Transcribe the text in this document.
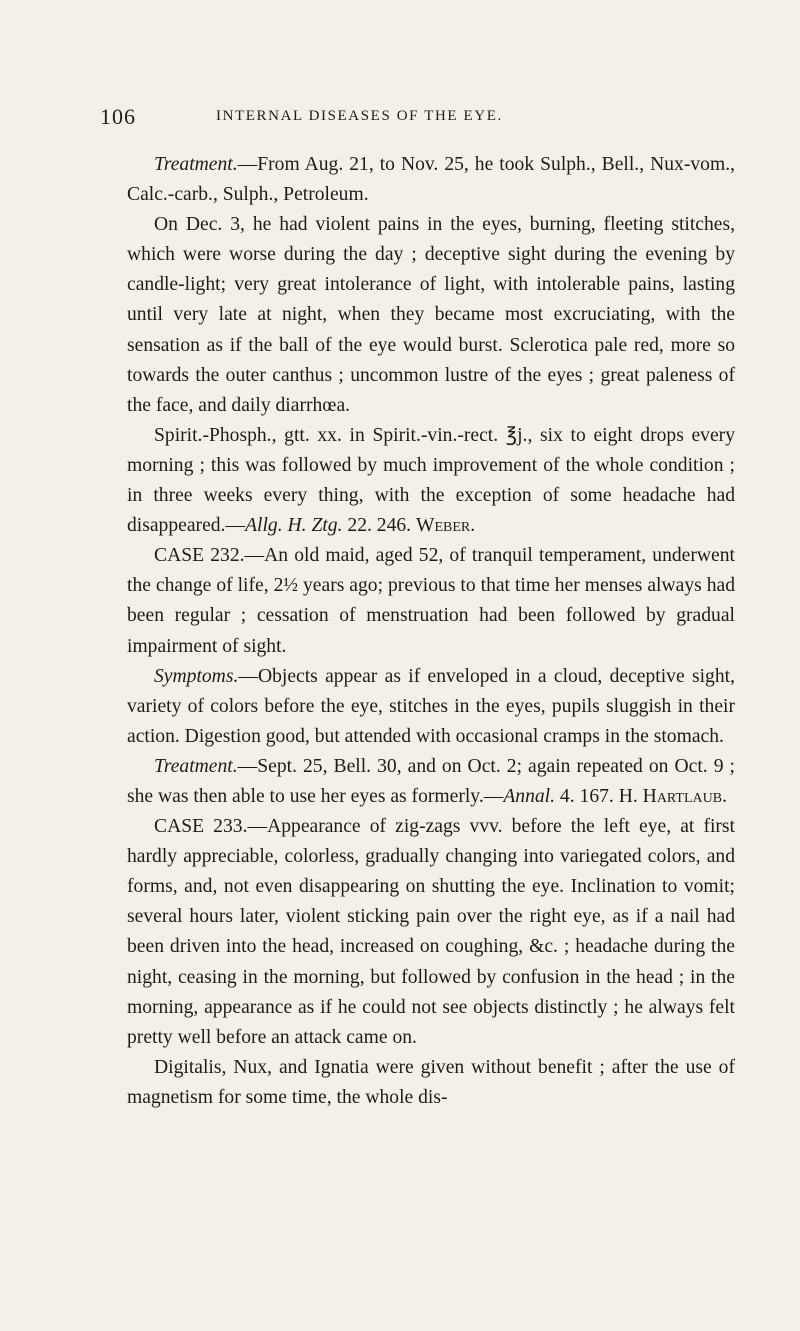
106	INTERNAL DISEASES OF THE EYE.

Treatment.—From Aug. 21, to Nov. 25, he took Sulph., Bell., Nux-vom., Calc.-carb., Sulph., Petroleum.

On Dec. 3, he had violent pains in the eyes, burning, fleeting stitches, which were worse during the day ; deceptive sight during the evening by candle-light; very great intolerance of light, with intolerable pains, lasting until very late at night, when they became most excruciating, with the sensation as if the ball of the eye would burst. Sclerotica pale red, more so towards the outer canthus ; uncommon lustre of the eyes ; great paleness of the face, and daily diarrhœa.

Spirit.-Phosph., gtt. xx. in Spirit.-vin.-rect. ℥j., six to eight drops every morning ; this was followed by much improvement of the whole condition ; in three weeks every thing, with the exception of some headache had disappeared.—Allg. H. Ztg. 22. 246. Weber.

CASE 232.—An old maid, aged 52, of tranquil temperament, underwent the change of life, 2½ years ago; previous to that time her menses always had been regular ; cessation of menstruation had been followed by gradual impairment of sight.

Symptoms.—Objects appear as if enveloped in a cloud, deceptive sight, variety of colors before the eye, stitches in the eyes, pupils sluggish in their action. Digestion good, but attended with occasional cramps in the stomach.

Treatment.—Sept. 25, Bell. 30, and on Oct. 2; again repeated on Oct. 9 ; she was then able to use her eyes as formerly.—Annal. 4. 167. H. Hartlaub.

CASE 233.—Appearance of zig-zags vvv. before the left eye, at first hardly appreciable, colorless, gradually changing into variegated colors, and forms, and, not even disappearing on shutting the eye. Inclination to vomit; several hours later, violent sticking pain over the right eye, as if a nail had been driven into the head, increased on coughing, &c. ; headache during the night, ceasing in the morning, but followed by confusion in the head ; in the morning, appearance as if he could not see objects distinctly ; he always felt pretty well before an attack came on.

Digitalis, Nux, and Ignatia were given without benefit ; after the use of magnetism for some time, the whole dis-
